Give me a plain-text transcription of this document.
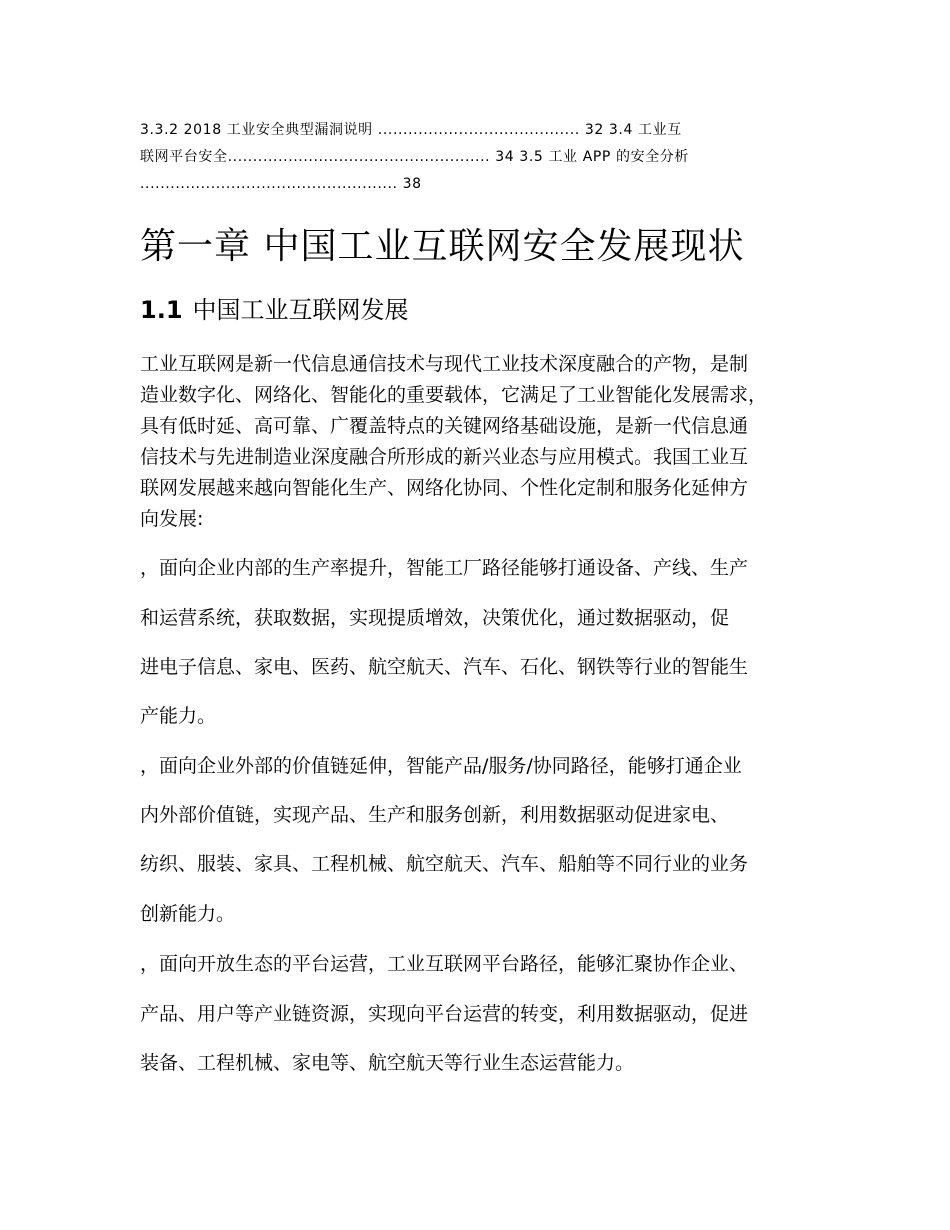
3.3.2 2018 工业安全典型漏洞说明 ........................................ 32 3.4 工业互
联网平台安全.................................................... 34 3.5 工业 APP 的安全分析
................................................... 38
第一章 中国工业互联网安全发展现状
1.1 中国工业互联网发展
工业互联网是新一代信息通信技术与现代工业技术深度融合的产物，是制
造业数字化、网络化、智能化的重要载体，它满足了工业智能化发展需求，
具有低时延、高可靠、广覆盖特点的关键网络基础设施，是新一代信息通
信技术与先进制造业深度融合所形成的新兴业态与应用模式。我国工业互
联网发展越来越向智能化生产、网络化协同、个性化定制和服务化延伸方
向发展:
，面向企业内部的生产率提升，智能工厂路径能够打通设备、产线、生产
和运营系统，获取数据，实现提质增效，决策优化，通过数据驱动，促
进电子信息、家电、医药、航空航天、汽车、石化、钢铁等行业的智能生
产能力。
，面向企业外部的价值链延伸，智能产品/服务/协同路径，能够打通企业
内外部价值链，实现产品、生产和服务创新，利用数据驱动促进家电、
纺织、服装、家具、工程机械、航空航天、汽车、船舶等不同行业的业务
创新能力。
，面向开放生态的平台运营，工业互联网平台路径，能够汇聚协作企业、
产品、用户等产业链资源，实现向平台运营的转变，利用数据驱动，促进
装备、工程机械、家电等、航空航天等行业生态运营能力。
